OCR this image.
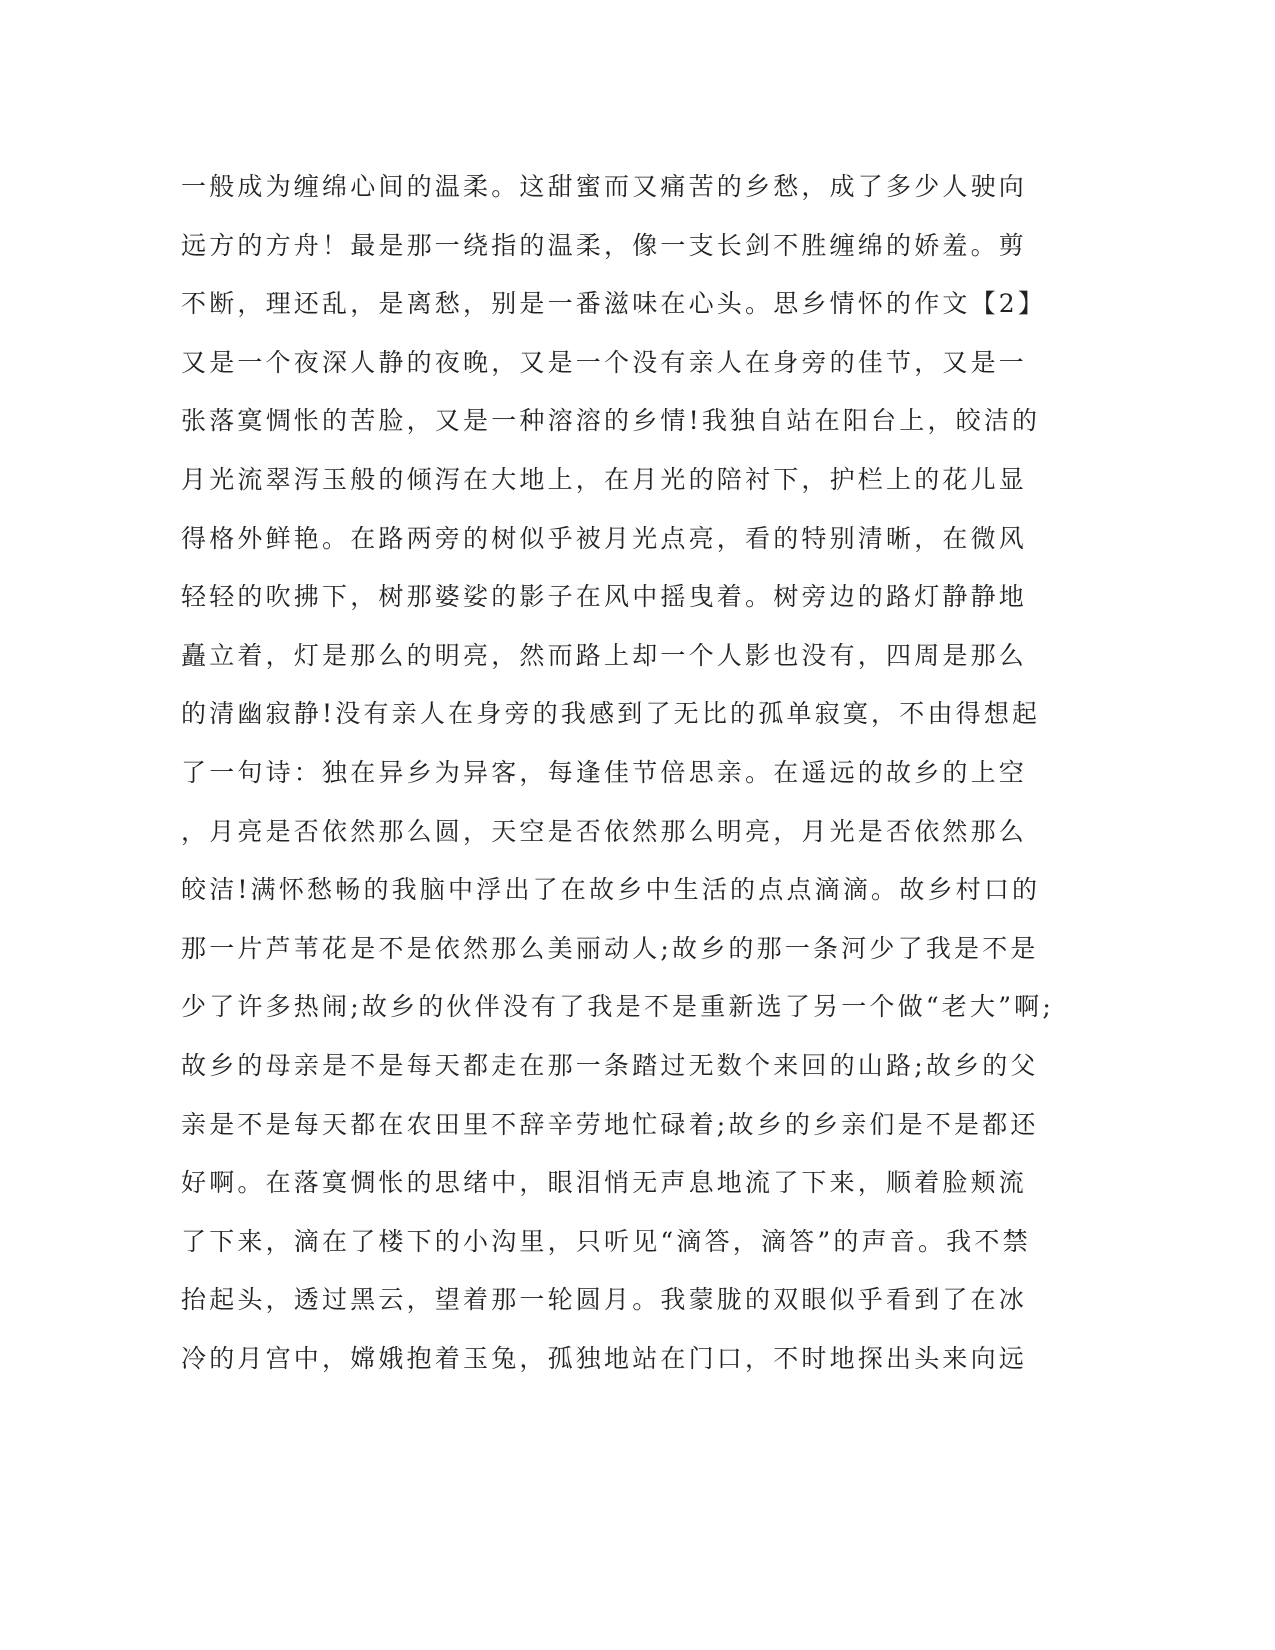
一般成为缠绵心间的温柔。这甜蜜而又痛苦的乡愁，成了多少人驶向
远方的方舟！最是那一绕指的温柔，像一支长剑不胜缠绵的娇羞。剪
不断，理还乱，是离愁，别是一番滋味在心头。思乡情怀的作文【2】
又是一个夜深人静的夜晚，又是一个没有亲人在身旁的佳节，又是一
张落寞惆怅的苦脸，又是一种溶溶的乡情!我独自站在阳台上，皎洁的
月光流翠泻玉般的倾泻在大地上，在月光的陪衬下，护栏上的花儿显
得格外鲜艳。在路两旁的树似乎被月光点亮，看的特别清晰，在微风
轻轻的吹拂下，树那婆娑的影子在风中摇曳着。树旁边的路灯静静地
矗立着，灯是那么的明亮，然而路上却一个人影也没有，四周是那么
的清幽寂静!没有亲人在身旁的我感到了无比的孤单寂寞，不由得想起
了一句诗：独在异乡为异客，每逢佳节倍思亲。在遥远的故乡的上空
，月亮是否依然那么圆，天空是否依然那么明亮，月光是否依然那么
皎洁!满怀愁畅的我脑中浮出了在故乡中生活的点点滴滴。故乡村口的
那一片芦苇花是不是依然那么美丽动人;故乡的那一条河少了我是不是
少了许多热闹;故乡的伙伴没有了我是不是重新选了另一个做“老大”啊;
故乡的母亲是不是每天都走在那一条踏过无数个来回的山路;故乡的父
亲是不是每天都在农田里不辞辛劳地忙碌着;故乡的乡亲们是不是都还
好啊。在落寞惆怅的思绪中，眼泪悄无声息地流了下来，顺着脸颊流
了下来，滴在了楼下的小沟里，只听见“滴答，滴答”的声音。我不禁
抬起头，透过黑云，望着那一轮圆月。我蒙胧的双眼似乎看到了在冰
冷的月宫中，嫦娥抱着玉兔，孤独地站在门口，不时地探出头来向远
